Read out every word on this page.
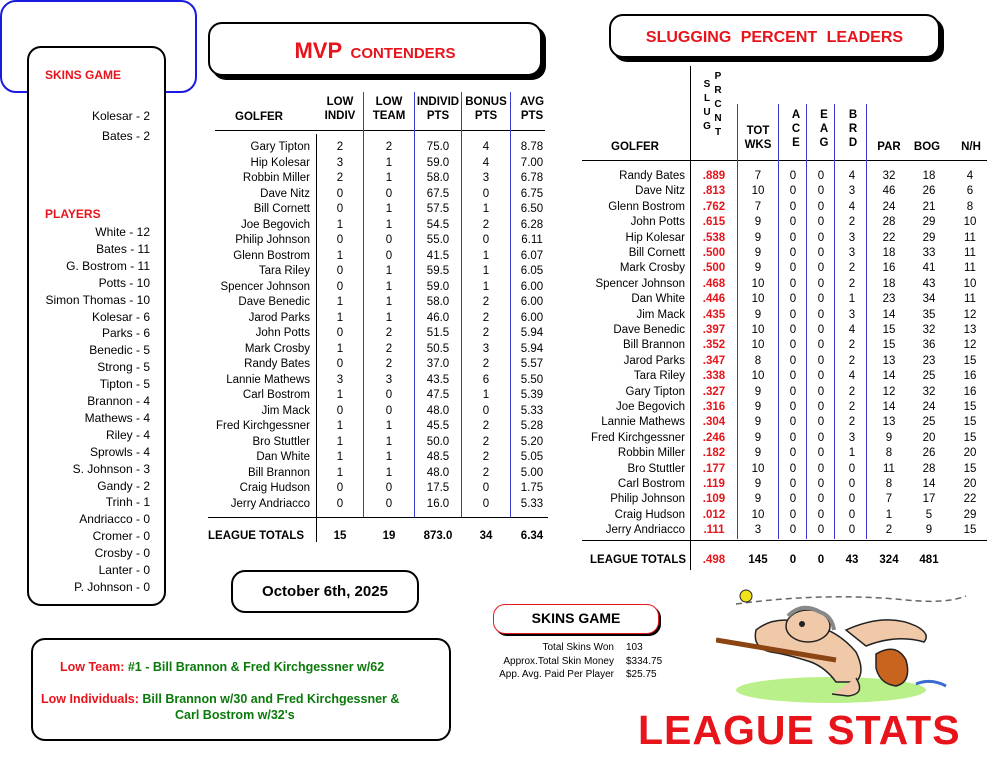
SKINS GAME
Kolesar - 2
Bates - 2
PLAYERS
White - 12
Bates - 11
G. Bostrom - 11
Potts - 10
Simon Thomas - 10
Kolesar - 6
Parks - 6
Benedic - 5
Strong - 5
Tipton - 5
Brannon - 4
Mathews - 4
Riley - 4
Sprowls - 4
S. Johnson - 3
Gandy - 2
Trinh - 1
Andriacco - 0
Cromer - 0
Crosby - 0
Lanter - 0
P. Johnson - 0
MVP CONTENDERS
GOLFER
LOW
INDIV
LOW
TEAM
INDIVID
PTS
BONUS
PTS
AVG
PTS
Gary Tipton	2	2	75.0	4	8.78
Hip Kolesar	3	1	59.0	4	7.00
Robbin Miller	2	1	58.0	3	6.78
Dave Nitz	0	0	67.5	0	6.75
Bill Cornett	0	1	57.5	1	6.50
Joe Begovich	1	1	54.5	2	6.28
Philip Johnson	0	0	55.0	0	6.11
Glenn Bostrom	1	0	41.5	1	6.07
Tara Riley	0	1	59.5	1	6.05
Spencer Johnson	0	1	59.0	1	6.00
Dave Benedic	1	1	58.0	2	6.00
Jarod Parks	1	1	46.0	2	6.00
John Potts	0	2	51.5	2	5.94
Mark Crosby	1	2	50.5	3	5.94
Randy Bates	0	2	37.0	2	5.57
Lannie Mathews	3	3	43.5	6	5.50
Carl Bostrom	1	0	47.5	1	5.39
Jim Mack	0	0	48.0	0	5.33
Fred Kirchgessner	1	1	45.5	2	5.28
Bro Stuttler	1	1	50.0	2	5.20
Dan White	1	1	48.5	2	5.05
Bill Brannon	1	1	48.0	2	5.00
Craig Hudson	0	0	17.5	0	1.75
Jerry Andriacco	0	0	16.0	0	5.33
LEAGUE TOTALS	15	19	873.0	34	6.34
SLUGGING PERCENT LEADERS
GOLFER
S
L
U
G
P
R
C
N
T	TOT
WKS
A
C
E
E
A
G
B
R
D	PAR	BOG	N/H
Randy Bates	.889	7	0	0	4	32	18	4
Dave Nitz	.813	10	0	0	3	46	26	6
Glenn Bostrom	.762	7	0	0	4	24	21	8
John Potts	.615	9	0	0	2	28	29	10
Hip Kolesar	.538	9	0	0	3	22	29	11
Bill Cornett	.500	9	0	0	3	18	33	11
Mark Crosby	.500	9	0	0	2	16	41	11
Spencer Johnson	.468	10	0	0	2	18	43	10
Dan White	.446	10	0	0	1	23	34	11
Jim Mack	.435	9	0	0	3	14	35	12
Dave Benedic	.397	10	0	0	4	15	32	13
Bill Brannon	.352	10	0	0	2	15	36	12
Jarod Parks	.347	8	0	0	2	13	23	15
Tara Riley	.338	10	0	0	4	14	25	16
Gary Tipton	.327	9	0	0	2	12	32	16
Joe Begovich	.316	9	0	0	2	14	24	15
Lannie Mathews	.304	9	0	0	2	13	25	15
Fred Kirchgessner	.246	9	0	0	3	9	20	15
Robbin Miller	.182	9	0	0	1	8	26	20
Bro Stuttler	.177	10	0	0	0	11	28	15
Carl Bostrom	.119	9	0	0	0	8	14	20
Philip Johnson	.109	9	0	0	0	7	17	22
Craig Hudson	.012	10	0	0	0	1	5	29
Jerry Andriacco	.111	3	0	0	0	2	9	15
LEAGUE TOTALS	.498	145	0	0	43	324	481
October 6th, 2025
Low Team: #1 - Bill Brannon & Fred Kirchgessner w/62
Low Individuals: Bill Brannon w/30 and Fred Kirchgessner &
Carl Bostrom w/32's
SKINS GAME
Total Skins Won 103
Approx.Total Skin Money $334.75
App. Avg. Paid Per Player $25.75
LEAGUE STATS
